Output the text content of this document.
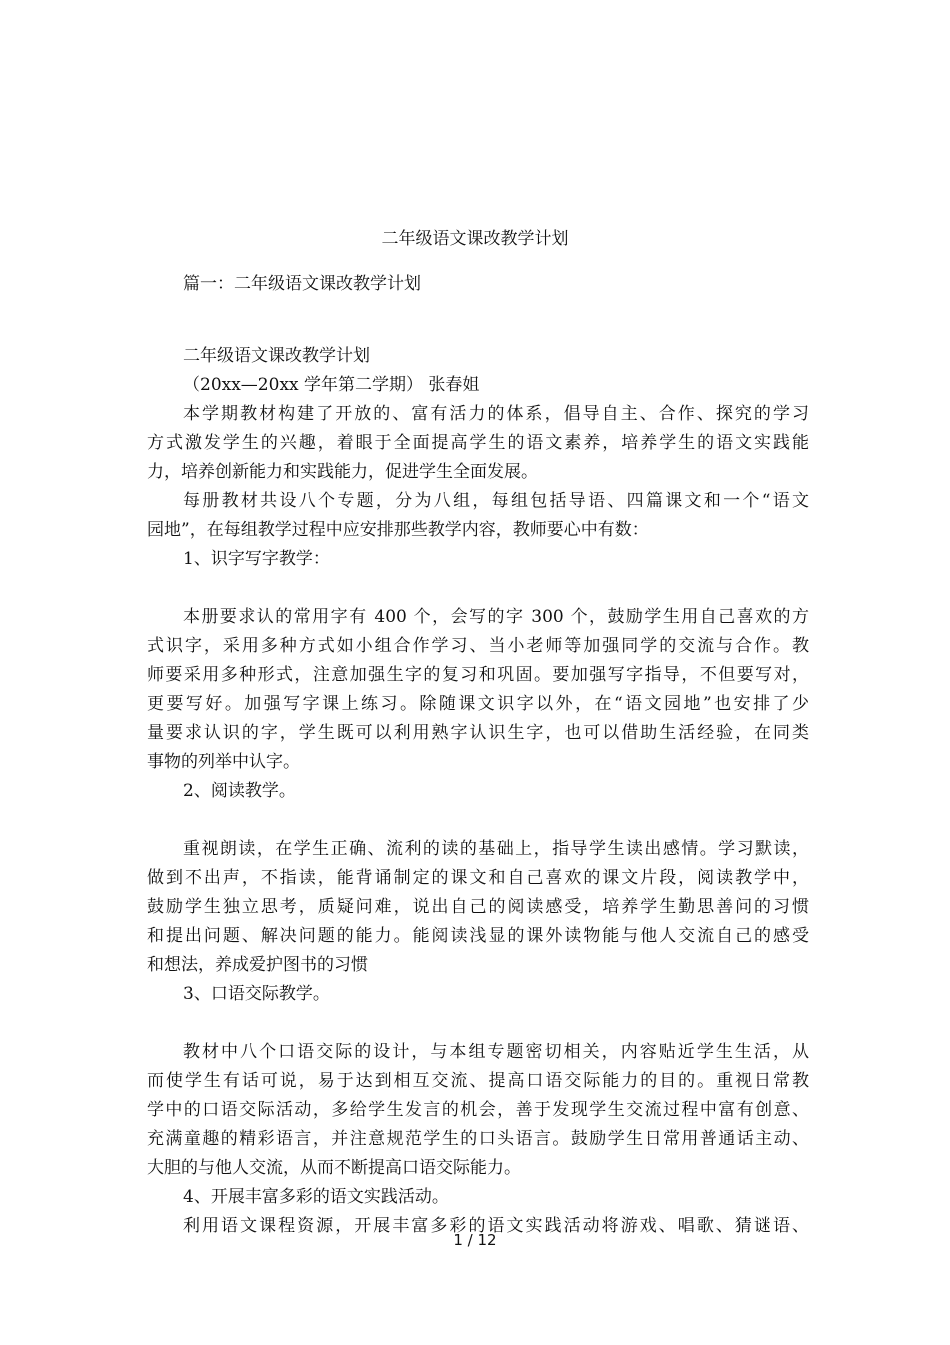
二年级语文课改教学计划
篇一：二年级语文课改教学计划
二年级语文课改教学计划
（20xx—20xx 学年第二学期） 张春姐
本学期教材构建了开放的、富有活力的体系，倡导自主、合作、探究的学习
方式激发学生的兴趣，着眼于全面提高学生的语文素养，培养学生的语文实践能
力，培养创新能力和实践能力，促进学生全面发展。
每册教材共设八个专题，分为八组，每组包括导语、四篇课文和一个“语文
园地”，在每组教学过程中应安排那些教学内容，教师要心中有数：
1、识字写字教学：
本册要求认的常用字有 400 个，会写的字 300 个，鼓励学生用自己喜欢的方
式识字，采用多种方式如小组合作学习、当小老师等加强同学的交流与合作。教
师要采用多种形式，注意加强生字的复习和巩固。要加强写字指导，不但要写对，
更要写好。加强写字课上练习。除随课文识字以外，在“语文园地”也安排了少
量要求认识的字，学生既可以利用熟字认识生字，也可以借助生活经验，在同类
事物的列举中认字。
2、阅读教学。
重视朗读，在学生正确、流利的读的基础上，指导学生读出感情。学习默读，
做到不出声，不指读，能背诵制定的课文和自己喜欢的课文片段，阅读教学中，
鼓励学生独立思考，质疑问难，说出自己的阅读感受，培养学生勤思善问的习惯
和提出问题、解决问题的能力。能阅读浅显的课外读物能与他人交流自己的感受
和想法，养成爱护图书的习惯
3、口语交际教学。
教材中八个口语交际的设计，与本组专题密切相关，内容贴近学生生活，从
而使学生有话可说，易于达到相互交流、提高口语交际能力的目的。重视日常教
学中的口语交际活动，多给学生发言的机会，善于发现学生交流过程中富有创意、
充满童趣的精彩语言，并注意规范学生的口头语言。鼓励学生日常用普通话主动、
大胆的与他人交流，从而不断提高口语交际能力。
4、开展丰富多彩的语文实践活动。
利用语文课程资源，开展丰富多彩的语文实践活动将游戏、唱歌、猜谜语、
1 / 12
